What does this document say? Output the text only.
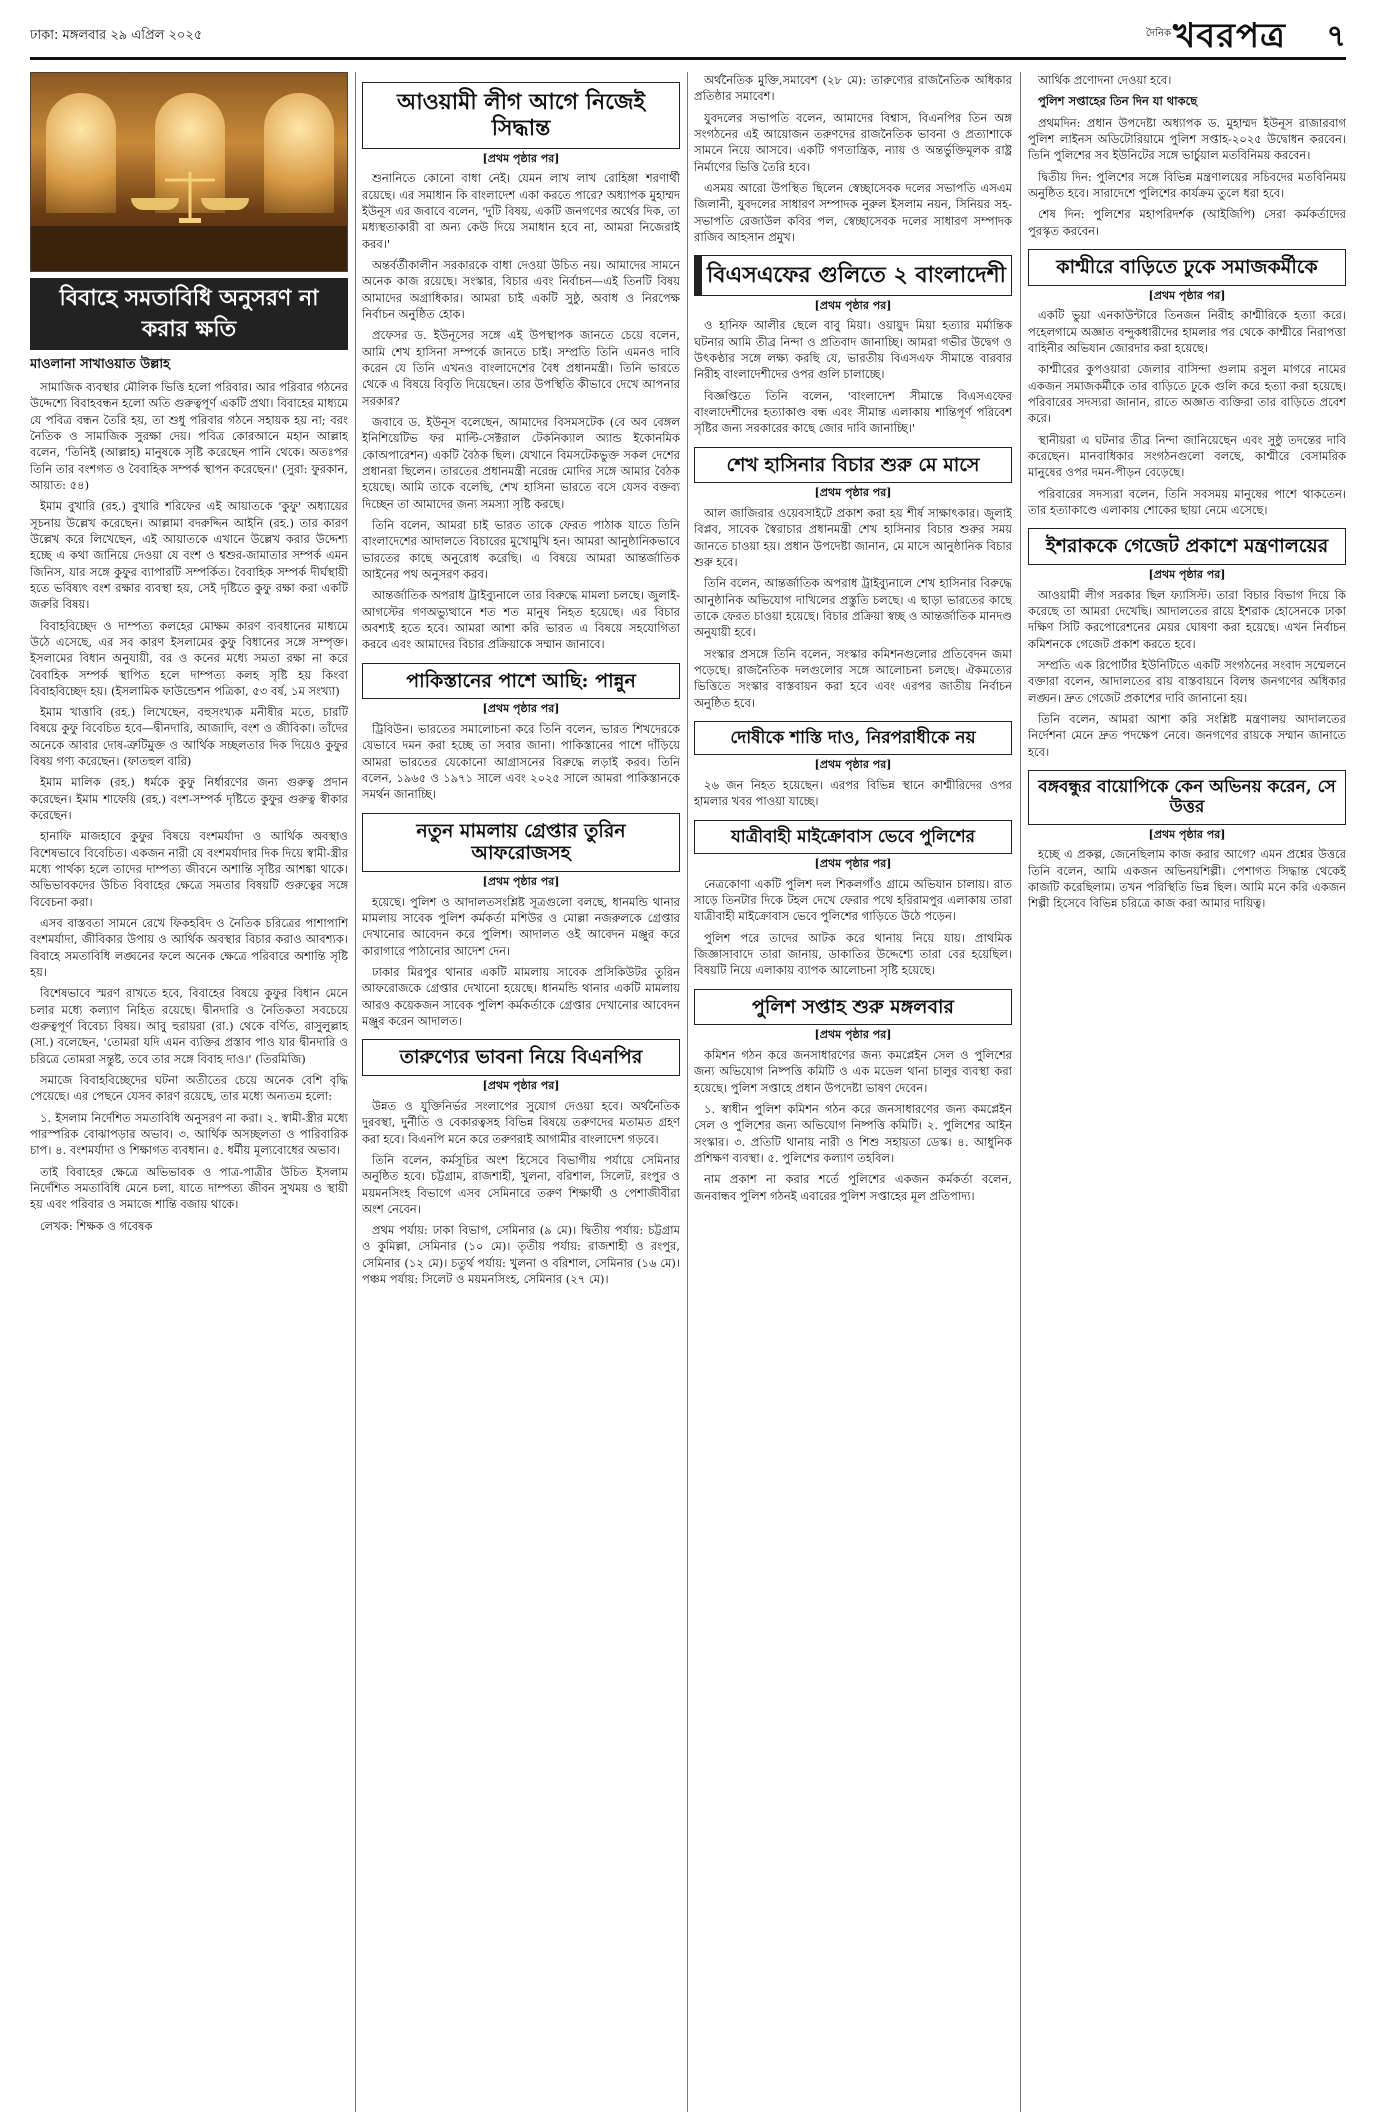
ঢাকা: মঙ্গলবার ২৯ এপ্রিল ২০২৫	দৈনিক খবরপত্র ৭
বিবাহে সমতাবিধি অনুসরণ না করার ক্ষতি
মাওলানা সাখাওয়াত উল্লাহ

সামাজিক ব্যবস্থার মৌলিক ভিত্তি হলো পরিবার। আর পরিবার গঠনের উদ্দেশ্যে বিবাহবন্ধন হলো অতি গুরুত্বপূর্ণ একটি প্রথা। বিবাহের মাধ্যমে যে পবিত্র বন্ধন তৈরি হয়, তা শুধু পরিবার গঠনে সহায়ক হয় না; বরং নৈতিক ও সামাজিক সুরক্ষা দেয়। পবিত্র কোরআনে মহান আল্লাহ বলেন, 'তিনিই (আল্লাহ) মানুষকে সৃষ্টি করেছেন পানি থেকে। অতঃপর তিনি তার বংশগত ও বৈবাহিক সম্পর্ক স্থাপন করেছেন।' (সুরা: ফুরকান, আয়াত: ৫৪)

ইমাম বুখারি (রহ.) বুখারি শরিফের এই আয়াতকে 'কুফু' অধ্যায়ের সূচনায় উল্লেখ করেছেন। আল্লামা বদরুদ্দিন আইনি (রহ.) তার কারণ উল্লেখ করে লিখেছেন, এই আয়াতকে এখানে উল্লেখ করার উদ্দেশ্য হচ্ছে এ কথা জানিয়ে দেওয়া যে বংশ ও শ্বশুর-জামাতার সম্পর্ক এমন জিনিস, যার সঙ্গে কুফুর ব্যাপারটি সম্পর্কিত। বৈবাহিক সম্পর্ক দীর্ঘস্থায়ী হতে ভবিষ্যৎ বংশ রক্ষার ব্যবস্থা হয়, সেই দৃষ্টিতে কুফু রক্ষা করা একটি জরুরি বিষয়।

বিবাহবিচ্ছেদ ও দাম্পত্য কলহের মোক্ষম কারণ ব্যবধানের মাধ্যমে উঠে এসেছে, এর সব কারণ ইসলামের কুফু বিধানের সঙ্গে সম্পৃক্ত। ইসলামের বিধান অনুযায়ী, বর ও কনের মধ্যে সমতা রক্ষা না করে বৈবাহিক সম্পর্ক স্থাপিত হলে দাম্পত্য কলহ সৃষ্টি হয় কিংবা বিবাহবিচ্ছেদ হয়। (ইসলামিক ফাউন্ডেশন পত্রিকা, ৫৩ বর্ষ, ১ম সংখ্যা)

ইমাম খাত্তাবি (রহ.) লিখেছেন, বহুসংখ্যক মনীষীর মতে, চারটি বিষয়ে কুফু বিবেচিত হবে—দ্বীনদারি, আজাদি, বংশ ও জীবিকা। তাঁদের অনেকে আবার দোষ-ত্রুটিমুক্ত ও আর্থিক সচ্ছলতার দিক দিয়েও কুফুর বিষয় গণ্য করেছেন। (ফাতহুল বারি)

ইমাম মালিক (রহ.) ধর্মকে কুফু নির্ধারণের জন্য গুরুত্ব প্রদান করেছেন। ইমাম শাফেয়ি (রহ.) বংশ-সম্পর্ক দৃষ্টিতে কুফুর গুরুত্ব স্বীকার করেছেন।

হানাফি মাজহাবে কুফুর বিষয়ে বংশমর্যাদা ও আর্থিক অবস্থাও বিশেষভাবে বিবেচিত। একজন নারী যে বংশমর্যাদার দিক দিয়ে স্বামী-স্ত্রীর মধ্যে পার্থক্য হলে তাদের দাম্পত্য জীবনে অশান্তি সৃষ্টির আশঙ্কা থাকে। অভিভাবকদের উচিত বিবাহের ক্ষেত্রে সমতার বিষয়টি গুরুত্বের সঙ্গে বিবেচনা করা।

এসব বাস্তবতা সামনে রেখে ফিকহবিদ ও নৈতিক চরিত্রের পাশাপাশি বংশমর্যাদা, জীবিকার উপায় ও আর্থিক অবস্থার বিচার করাও আবশ্যক। বিবাহে সমতাবিধি লঙ্ঘনের ফলে অনেক ক্ষেত্রে পরিবারে অশান্তি সৃষ্টি হয়।

বিশেষভাবে স্মরণ রাখতে হবে, বিবাহের বিষয়ে কুফুর বিধান মেনে চলার মধ্যে কল্যাণ নিহিত রয়েছে। দ্বীনদারি ও নৈতিকতা সবচেয়ে গুরুত্বপূর্ণ বিবেচ্য বিষয়। আবু হুরায়রা (রা.) থেকে বর্ণিত, রাসুলুল্লাহ (সা.) বলেছেন, 'তোমরা যদি এমন ব্যক্তির প্রস্তাব পাও যার দ্বীনদারি ও চরিত্রে তোমরা সন্তুষ্ট, তবে তার সঙ্গে বিবাহ দাও।' (তিরমিজি)

সমাজে বিবাহবিচ্ছেদের ঘটনা অতীতের চেয়ে অনেক বেশি বৃদ্ধি পেয়েছে। এর পেছনে যেসব কারণ রয়েছে, তার মধ্যে অন্যতম হলো:

১. ইসলাম নির্দেশিত সমতাবিধি অনুসরণ না করা। ২. স্বামী-স্ত্রীর মধ্যে পারস্পরিক বোঝাপড়ার অভাব। ৩. আর্থিক অসচ্ছলতা ও পারিবারিক চাপ। ৪. বংশমর্যাদা ও শিক্ষাগত ব্যবধান। ৫. ধর্মীয় মূল্যবোধের অভাব।

তাই বিবাহের ক্ষেত্রে অভিভাবক ও পাত্র-পাত্রীর উচিত ইসলাম নির্দেশিত সমতাবিধি মেনে চলা, যাতে দাম্পত্য জীবন সুখময় ও স্থায়ী হয় এবং পরিবার ও সমাজে শান্তি বজায় থাকে।

লেখক: শিক্ষক ও গবেষক

আওয়ামী লীগ আগে নিজেই সিদ্ধান্ত
[প্রথম পৃষ্ঠার পর]

শুনানিতে কোনো বাধা নেই। যেমন লাখ লাখ রোহিঙ্গা শরণার্থী রয়েছে। এর সমাধান কি বাংলাদেশ একা করতে পারে? অধ্যাপক মুহাম্মদ ইউনূস এর জবাবে বলেন, 'দুটি বিষয়, একটি জনগণের অর্থের দিক, তা মধ্যস্থতাকারী বা অন্য কেউ দিয়ে সমাধান হবে না, আমরা নিজেরাই করব।'

অন্তর্বর্তীকালীন সরকারকে বাধা দেওয়া উচিত নয়। আমাদের সামনে অনেক কাজ রয়েছে। সংস্কার, বিচার এবং নির্বাচন—এই তিনটি বিষয় আমাদের অগ্রাধিকার। আমরা চাই একটি সুষ্ঠু, অবাধ ও নিরপেক্ষ নির্বাচন অনুষ্ঠিত হোক।

প্রফেসর ড. ইউনূসের সঙ্গে এই উপস্থাপক জানতে চেয়ে বলেন, আমি শেখ হাসিনা সম্পর্কে জানতে চাই। সম্প্রতি তিনি এমনও দাবি করেন যে তিনি এখনও বাংলাদেশের বৈধ প্রধানমন্ত্রী। তিনি ভারতে থেকে এ বিষয়ে বিবৃতি দিয়েছেন। তার উপস্থিতি কীভাবে দেখে আপনার সরকার?

জবাবে ড. ইউনূস বলেছেন, আমাদের বিসমসটেক (বে অব বেঙ্গল ইনিশিয়েটিভ ফর মাল্টি-সেক্টরাল টেকনিক্যাল অ্যান্ড ইকোনমিক কোঅপারেশন) একটি বৈঠক ছিল। যেখানে বিমসটেকভুক্ত সকল দেশের প্রধানরা ছিলেন। তারতের প্রধানমন্ত্রী নরেন্দ্র মোদির সঙ্গে আমার বৈঠক হয়েছে। আমি তাকে বলেছি, শেখ হাসিনা ভারতে বসে যেসব বক্তব্য দিচ্ছেন তা আমাদের জন্য সমস্যা সৃষ্টি করছে।

তিনি বলেন, আমরা চাই ভারত তাকে ফেরত পাঠাক যাতে তিনি বাংলাদেশের আদালতে বিচারের মুখোমুখি হন। আমরা আনুষ্ঠানিকভাবে ভারতের কাছে অনুরোধ করেছি। এ বিষয়ে আমরা আন্তর্জাতিক আইনের পথ অনুসরণ করব।

আন্তর্জাতিক অপরাধ ট্রাইব্যুনালে তার বিরুদ্ধে মামলা চলছে। জুলাই-আগস্টের গণঅভ্যুত্থানে শত শত মানুষ নিহত হয়েছে। এর বিচার অবশ্যই হতে হবে। আমরা আশা করি ভারত এ বিষয়ে সহযোগিতা করবে এবং আমাদের বিচার প্রক্রিয়াকে সম্মান জানাবে।

পাকিস্তানের পাশে আছি: পান্নুন
[প্রথম পৃষ্ঠার পর]

ট্রিবিউন। ভারতের সমালোচনা করে তিনি বলেন, ভারত শিখদেরকে যেভাবে দমন করা হচ্ছে তা সবার জানা। পাকিস্তানের পাশে দাঁড়িয়ে আমরা ভারতের যেকোনো আগ্রাসনের বিরুদ্ধে লড়াই করব। তিনি বলেন, ১৯৬৫ ও ১৯৭১ সালে এবং ২০২৫ সালে আমরা পাকিস্তানকে সমর্থন জানাচ্ছি।

নতুন মামলায় গ্রেপ্তার তুরিন আফরোজসহ
[প্রথম পৃষ্ঠার পর]

হয়েছে। পুলিশ ও আদালতসংশ্লিষ্ট সূত্রগুলো বলছে, ধানমন্ডি থানার মামলায় সাবেক পুলিশ কর্মকর্তা মশিউর ও মোল্লা নজরুলকে গ্রেপ্তার দেখানোর আবেদন করে পুলিশ। আদালত ওই আবেদন মঞ্জুর করে কারাগারে পাঠানোর আদেশ দেন।

ঢাকার মিরপুর থানার একটি মামলায় সাবেক প্রসিকিউটর তুরিন আফরোজকে গ্রেপ্তার দেখানো হয়েছে। ধানমন্ডি থানার একটি মামলায় আরও কয়েকজন সাবেক পুলিশ কর্মকর্তাকে গ্রেপ্তার দেখানোর আবেদন মঞ্জুর করেন আদালত।

তারুণ্যের ভাবনা নিয়ে বিএনপির
[প্রথম পৃষ্ঠার পর]

উন্নত ও যুক্তিনির্ভর সংলাপের সুযোগ দেওয়া হবে। অর্থনৈতিক দুরবস্থা, দুর্নীতি ও বেকারত্বসহ বিভিন্ন বিষয়ে তরুণদের মতামত গ্রহণ করা হবে। বিএনপি মনে করে তরুণরাই আগামীর বাংলাদেশ গড়বে।

তিনি বলেন, কর্মসূচির অংশ হিসেবে বিভাগীয় পর্যায়ে সেমিনার অনুষ্ঠিত হবে। চট্টগ্রাম, রাজশাহী, খুলনা, বরিশাল, সিলেট, রংপুর ও ময়মনসিংহ বিভাগে এসব সেমিনারে তরুণ শিক্ষার্থী ও পেশাজীবীরা অংশ নেবেন।

প্রথম পর্যায়: ঢাকা বিভাগ, সেমিনার (৯ মে)। দ্বিতীয় পর্যায়: চট্টগ্রাম ও কুমিল্লা, সেমিনার (১০ মে)। তৃতীয় পর্যায়: রাজশাহী ও রংপুর, সেমিনার (১২ মে)। চতুর্থ পর্যায়: খুলনা ও বরিশাল, সেমিনার (১৬ মে)। পঞ্চম পর্যায়: সিলেট ও ময়মনসিংহ, সেমিনার (২৭ মে)।

অর্থনৈতিক মুক্তি,সমাবেশ (২৮ মে): তারুণ্যের রাজনৈতিক অধিকার প্রতিষ্ঠার সমাবেশ।

যুবদলের সভাপতি বলেন, আমাদের বিশ্বাস, বিএনপির তিন অঙ্গ সংগঠনের এই আয়োজন তরুণদের রাজনৈতিক ভাবনা ও প্রত্যাশাকে সামনে নিয়ে আসবে। একটি গণতান্ত্রিক, ন্যায় ও অন্তর্ভুক্তিমূলক রাষ্ট্র নির্মাণের ভিত্তি তৈরি হবে।

এসময় আরো উপস্থিত ছিলেন স্বেচ্ছাসেবক দলের সভাপতি এসএম জিলানী, যুবদলের সাধারণ সম্পাদক নুরুল ইসলাম নয়ন, সিনিয়র সহ-সভাপতি রেজাউল কবির পল, স্বেচ্ছাসেবক দলের সাধারণ সম্পাদক রাজিব আহসান প্রমুখ।

বিএসএফের গুলিতে ২ বাংলাদেশী
[প্রথম পৃষ্ঠার পর]

ও হানিফ আলীর ছেলে বাবু মিয়া। ওয়ায়ুদ মিয়া হত্যার মর্মান্তিক ঘটনার আমি তীব্র নিন্দা ও প্রতিবাদ জানাচ্ছি। আমরা গভীর উদ্বেগ ও উৎকণ্ঠার সঙ্গে লক্ষ্য করছি যে, ভারতীয় বিএসএফ সীমান্তে বারবার নিরীহ বাংলাদেশীদের ওপর গুলি চালাচ্ছে।

বিজ্ঞপ্তিতে তিনি বলেন, 'বাংলাদেশ সীমান্তে বিএসএফের বাংলাদেশীদের হত্যাকাণ্ড বন্ধ এবং সীমান্ত এলাকায় শান্তিপূর্ণ পরিবেশ সৃষ্টির জন্য সরকারের কাছে জোর দাবি জানাচ্ছি।'

শেখ হাসিনার বিচার শুরু মে মাসে
[প্রথম পৃষ্ঠার পর]

আল জাজিরার ওয়েবসাইটে প্রকাশ করা হয় শীর্ষ সাক্ষাৎকার। জুলাই বিপ্লব, সাবেক স্বৈরাচার প্রধানমন্ত্রী শেখ হাসিনার বিচার শুরুর সময় জানতে চাওয়া হয়। প্রধান উপদেষ্টা জানান, মে মাসে আনুষ্ঠানিক বিচার শুরু হবে।

তিনি বলেন, আন্তর্জাতিক অপরাধ ট্রাইব্যুনালে শেখ হাসিনার বিরুদ্ধে আনুষ্ঠানিক অভিযোগ দাখিলের প্রস্তুতি চলছে। এ ছাড়া ভারতের কাছে তাকে ফেরত চাওয়া হয়েছে। বিচার প্রক্রিয়া স্বচ্ছ ও আন্তর্জাতিক মানদণ্ড অনুযায়ী হবে।

সংস্কার প্রসঙ্গে তিনি বলেন, সংস্কার কমিশনগুলোর প্রতিবেদন জমা পড়েছে। রাজনৈতিক দলগুলোর সঙ্গে আলোচনা চলছে। ঐকমত্যের ভিত্তিতে সংস্কার বাস্তবায়ন করা হবে এবং এরপর জাতীয় নির্বাচন অনুষ্ঠিত হবে।

দোষীকে শাস্তি দাও, নিরপরাধীকে নয়
[প্রথম পৃষ্ঠার পর]

২৬ জন নিহত হয়েছেন। এরপর বিভিন্ন স্থানে কাশ্মীরিদের ওপর হামলার খবর পাওয়া যাচ্ছে।

যাত্রীবাহী মাইক্রোবাস ভেবে পুলিশের
[প্রথম পৃষ্ঠার পর]

নেত্রকোণা একটি পুলিশ দল শিকলগাঁও গ্রামে অভিযান চালায়। রাত সাড়ে তিনটার দিকে টহল দেখে ফেরার পথে হরিরামপুর এলাকায় তারা যাত্রীবাহী মাইক্রোবাস ভেবে পুলিশের গাড়িতে উঠে পড়েন।

পুলিশ পরে তাদের আটক করে থানায় নিয়ে যায়। প্রাথমিক জিজ্ঞাসাবাদে তারা জানায়, ডাকাতির উদ্দেশ্যে তারা বের হয়েছিল। বিষয়টি নিয়ে এলাকায় ব্যাপক আলোচনা সৃষ্টি হয়েছে।

পুলিশ সপ্তাহ শুরু মঙ্গলবার
[প্রথম পৃষ্ঠার পর]

কমিশন গঠন করে জনসাধারণের জন্য কমপ্লেইন সেল ও পুলিশের জন্য অভিযোগ নিষ্পত্তি কমিটি ও এক মডেল থানা চালুর ব্যবস্থা করা হয়েছে। পুলিশ সপ্তাহে প্রধান উপদেষ্টা ভাষণ দেবেন।

১. স্বাধীন পুলিশ কমিশন গঠন করে জনসাধারণের জন্য কমপ্লেইন সেল ও পুলিশের জন্য অভিযোগ নিষ্পত্তি কমিটি। ২. পুলিশের আইন সংস্কার। ৩. প্রতিটি থানায় নারী ও শিশু সহায়তা ডেস্ক। ৪. আধুনিক প্রশিক্ষণ ব্যবস্থা। ৫. পুলিশের কল্যাণ তহবিল।

নাম প্রকাশ না করার শর্তে পুলিশের একজন কর্মকর্তা বলেন, জনবান্ধব পুলিশ গঠনই এবারের পুলিশ সপ্তাহের মূল প্রতিপাদ্য।

আর্থিক প্রণোদনা দেওয়া হবে।

পুলিশ সপ্তাহের তিন দিন যা থাকছে

প্রথমদিন: প্রধান উপদেষ্টা অধ্যাপক ড. মুহাম্মদ ইউনূস রাজারবাগ পুলিশ লাইনস অডিটোরিয়ামে পুলিশ সপ্তাহ-২০২৫ উদ্বোধন করবেন। তিনি পুলিশের সব ইউনিটের সঙ্গে ভার্চুয়াল মতবিনিময় করবেন।

দ্বিতীয় দিন: পুলিশের সঙ্গে বিভিন্ন মন্ত্রণালয়ের সচিবদের মতবিনিময় অনুষ্ঠিত হবে। সারাদেশে পুলিশের কার্যক্রম তুলে ধরা হবে।

শেষ দিন: পুলিশের মহাপরিদর্শক (আইজিপি) সেরা কর্মকর্তাদের পুরস্কৃত করবেন।

কাশ্মীরে বাড়িতে ঢুকে সমাজকর্মীকে
[প্রথম পৃষ্ঠার পর]

একটি ভুয়া এনকাউন্টারে তিনজন নিরীহ কাশ্মীরিকে হত্যা করে। পহেলগামে অজ্ঞাত বন্দুকধারীদের হামলার পর থেকে কাশ্মীরে নিরাপত্তা বাহিনীর অভিযান জোরদার করা হয়েছে।

কাশ্মীরের কুপওয়ারা জেলার বাসিন্দা গুলাম রসুল মাগরে নামের একজন সমাজকর্মীকে তার বাড়িতে ঢুকে গুলি করে হত্যা করা হয়েছে। পরিবারের সদস্যরা জানান, রাতে অজ্ঞাত ব্যক্তিরা তার বাড়িতে প্রবেশ করে।

স্থানীয়রা এ ঘটনার তীব্র নিন্দা জানিয়েছেন এবং সুষ্ঠু তদন্তের দাবি করেছেন। মানবাধিকার সংগঠনগুলো বলছে, কাশ্মীরে বেসামরিক মানুষের ওপর দমন-পীড়ন বেড়েছে।

পরিবারের সদস্যরা বলেন, তিনি সবসময় মানুষের পাশে থাকতেন। তার হত্যাকাণ্ডে এলাকায় শোকের ছায়া নেমে এসেছে।

ইশরাককে গেজেট প্রকাশে মন্ত্রণালয়ের
[প্রথম পৃষ্ঠার পর]

আওয়ামী লীগ সরকার ছিল ফ্যাসিস্ট। তারা বিচার বিভাগ দিয়ে কি করেছে তা আমরা দেখেছি। আদালতের রায়ে ইশরাক হোসেনকে ঢাকা দক্ষিণ সিটি করপোরেশনের মেয়র ঘোষণা করা হয়েছে। এখন নির্বাচন কমিশনকে গেজেট প্রকাশ করতে হবে।

সম্প্রতি এক রিপোর্টার ইউনিটিতে একটি সংগঠনের সংবাদ সম্মেলনে বক্তারা বলেন, আদালতের রায় বাস্তবায়নে বিলম্ব জনগণের অধিকার লঙ্ঘন। দ্রুত গেজেট প্রকাশের দাবি জানানো হয়।

তিনি বলেন, আমরা আশা করি সংশ্লিষ্ট মন্ত্রণালয় আদালতের নির্দেশনা মেনে দ্রুত পদক্ষেপ নেবে। জনগণের রায়কে সম্মান জানাতে হবে।

বঙ্গবন্ধুর বায়োপিকে কেন অভিনয় করেন, সে উত্তর
[প্রথম পৃষ্ঠার পর]

হচ্ছে এ প্রকল্প, জেনেছিলাম কাজ করার আগে? এমন প্রশ্নের উত্তরে তিনি বলেন, আমি একজন অভিনয়শিল্পী। পেশাগত সিদ্ধান্ত থেকেই কাজটি করেছিলাম। তখন পরিস্থিতি ভিন্ন ছিল। আমি মনে করি একজন শিল্পী হিসেবে বিভিন্ন চরিত্রে কাজ করা আমার দায়িত্ব।
